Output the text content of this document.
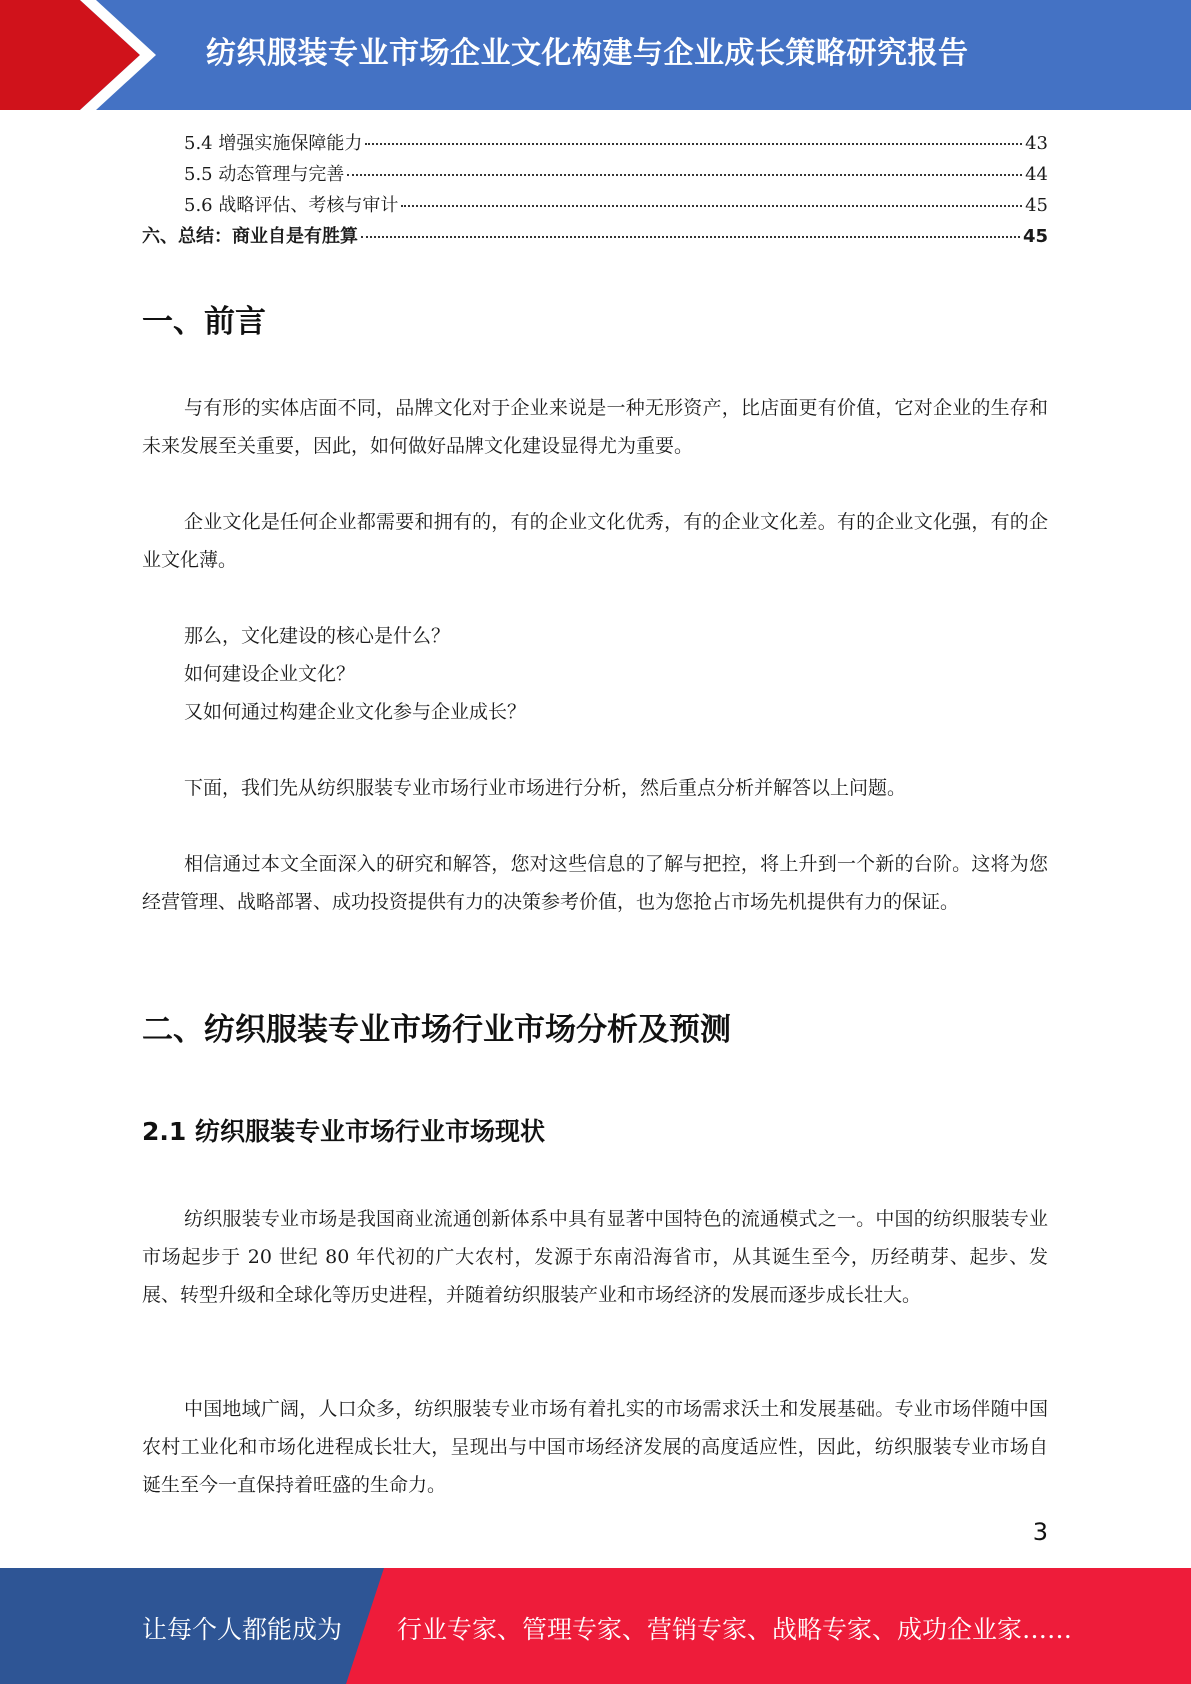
纺织服装专业市场企业文化构建与企业成长策略研究报告
5.4 增强实施保障能力	43
5.5 动态管理与完善	44
5.6 战略评估、考核与审计	45
六、总结：商业自是有胜算	45
一、前言
与有形的实体店面不同，品牌文化对于企业来说是一种无形资产，比店面更有价值，它对企业的生存和未来发展至关重要，因此，如何做好品牌文化建设显得尤为重要。
企业文化是任何企业都需要和拥有的，有的企业文化优秀，有的企业文化差。有的企业文化强，有的企业文化薄。
那么，文化建设的核心是什么？
如何建设企业文化？
又如何通过构建企业文化参与企业成长？
下面，我们先从纺织服装专业市场行业市场进行分析，然后重点分析并解答以上问题。
相信通过本文全面深入的研究和解答，您对这些信息的了解与把控，将上升到一个新的台阶。这将为您经营管理、战略部署、成功投资提供有力的决策参考价值，也为您抢占市场先机提供有力的保证。
二、纺织服装专业市场行业市场分析及预测
2.1 纺织服装专业市场行业市场现状
纺织服装专业市场是我国商业流通创新体系中具有显著中国特色的流通模式之一。中国的纺织服装专业市场起步于 20 世纪 80 年代初的广大农村，发源于东南沿海省市，从其诞生至今，历经萌芽、起步、发展、转型升级和全球化等历史进程，并随着纺织服装产业和市场经济的发展而逐步成长壮大。
中国地域广阔，人口众多，纺织服装专业市场有着扎实的市场需求沃土和发展基础。专业市场伴随中国农村工业化和市场化进程成长壮大，呈现出与中国市场经济发展的高度适应性，因此，纺织服装专业市场自诞生至今一直保持着旺盛的生命力。
3
让每个人都能成为 行业专家、管理专家、营销专家、战略专家、成功企业家……
